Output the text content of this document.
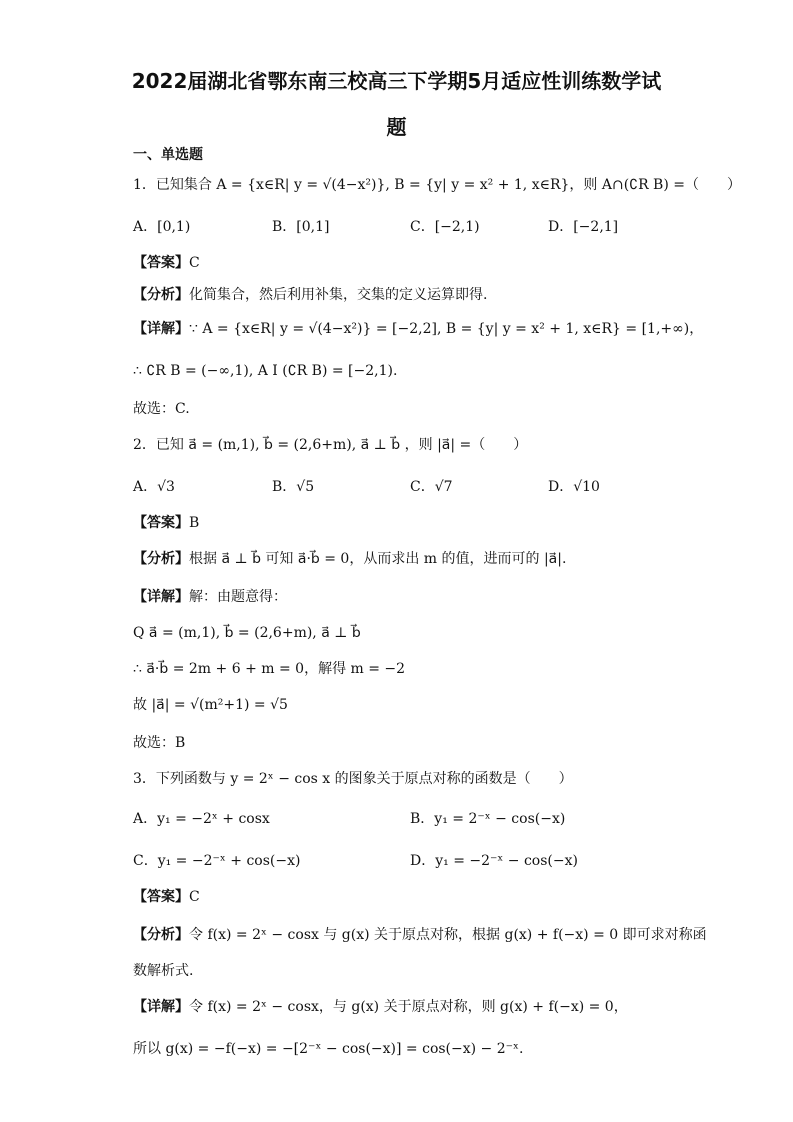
2022届湖北省鄂东南三校高三下学期5月适应性训练数学试
题
一、单选题
1．已知集合 A = {x∈R| y = √(4−x²)}, B = {y| y = x² + 1, x∈R}，则 A∩(∁R B) =（　　）
A．[0,1)	B．[0,1]	C．[−2,1)	D．[−2,1]
【答案】C
【分析】化简集合，然后利用补集，交集的定义运算即得.
【详解】∵ A = {x∈R| y = √(4−x²)} = [−2,2], B = {y| y = x² + 1, x∈R} = [1,+∞)，
∴ ∁R B = (−∞,1), A I (∁R B) = [−2,1).
故选：C.
2．已知 a⃗ = (m,1), b⃗ = (2,6+m), a⃗ ⊥ b⃗ ，则 |a⃗| =（　　）
A．√3	B．√5	C．√7	D．√10
【答案】B
【分析】根据 a⃗ ⊥ b⃗ 可知 a⃗·b⃗ = 0，从而求出 m 的值，进而可的 |a⃗|.
【详解】解：由题意得：
Q a⃗ = (m,1), b⃗ = (2,6+m), a⃗ ⊥ b⃗
∴ a⃗·b⃗ = 2m + 6 + m = 0，解得 m = −2
故 |a⃗| = √(m²+1) = √5
故选：B
3．下列函数与 y = 2ˣ − cos x 的图象关于原点对称的函数是（　　）
A．y₁ = −2ˣ + cosx	B．y₁ = 2⁻ˣ − cos(−x)
C．y₁ = −2⁻ˣ + cos(−x)	D．y₁ = −2⁻ˣ − cos(−x)
【答案】C
【分析】令 f(x) = 2ˣ − cosx 与 g(x) 关于原点对称，根据 g(x) + f(−x) = 0 即可求对称函
数解析式.
【详解】令 f(x) = 2ˣ − cosx，与 g(x) 关于原点对称，则 g(x) + f(−x) = 0，
所以 g(x) = −f(−x) = −[2⁻ˣ − cos(−x)] = cos(−x) − 2⁻ˣ.
